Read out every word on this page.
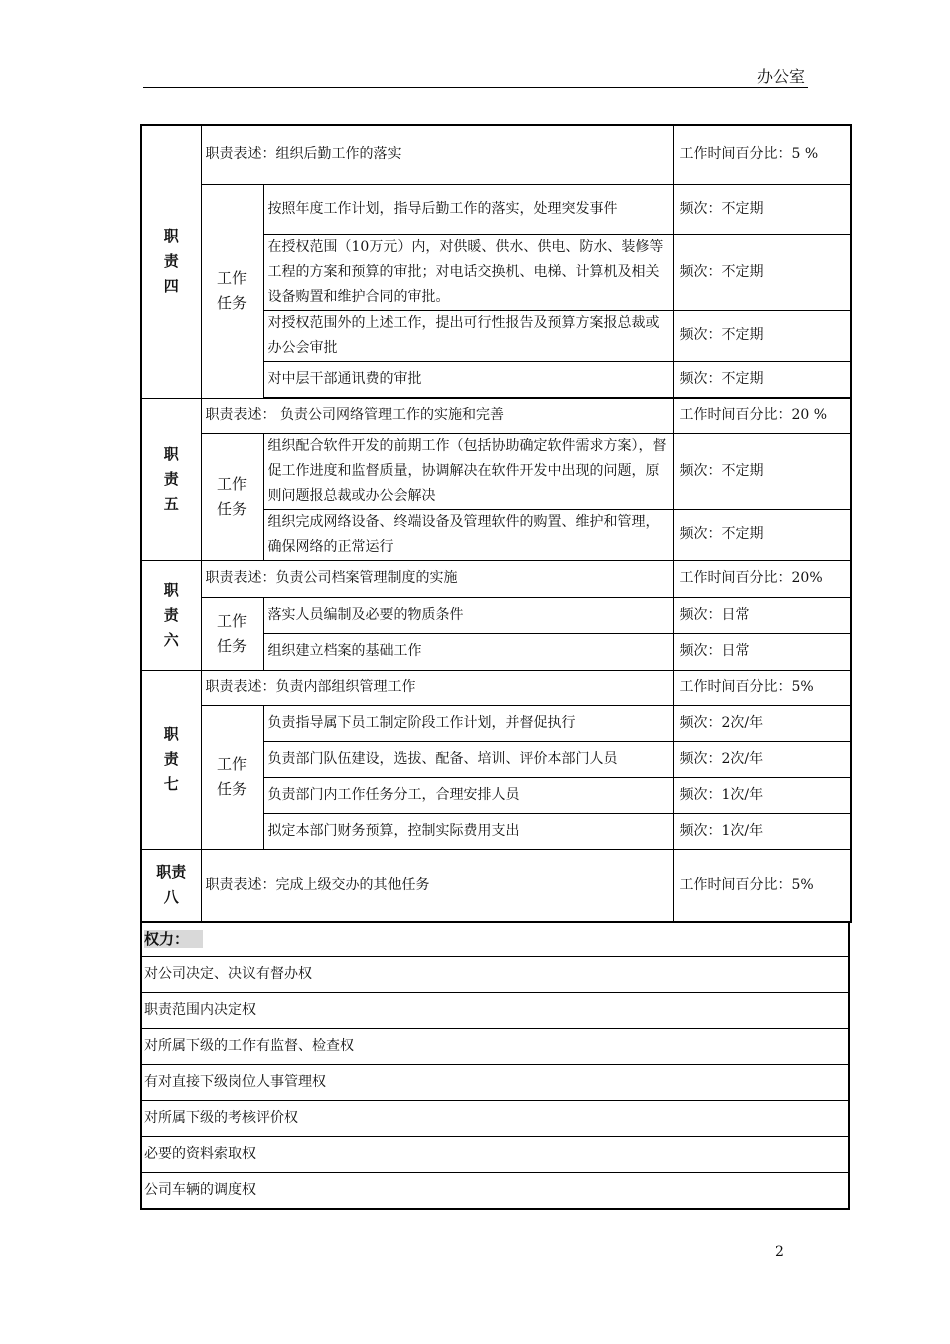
办公室
职
责
四	职责表述：组织后勤工作的落实		工作时间百分比：5 %
	工作
任务	按照年度工作计划，指导后勤工作的落实，处理突发事件	频次：不定期
		在授权范围（10万元）内，对供暖、供水、供电、防水、装修等工程的方案和预算的审批；对电话交换机、电梯、计算机及相关设备购置和维护合同的审批。	频次：不定期
		对授权范围外的上述工作，提出可行性报告及预算方案报总裁或办公会审批	频次：不定期
		对中层干部通讯费的审批	频次：不定期

职
责
五	职责表述： 负责公司网络管理工作的实施和完善		工作时间百分比：20 %
	工作
任务	组织配合软件开发的前期工作（包括协助确定软件需求方案），督促工作进度和监督质量，协调解决在软件开发中出现的问题，原则问题报总裁或办公会解决	频次：不定期
		组织完成网络设备、终端设备及管理软件的购置、维护和管理，确保网络的正常运行	频次：不定期
职
责
六	职责表述：负责公司档案管理制度的实施		工作时间百分比：20%
	工作
任务	落实人员编制及必要的物质条件	频次：日常
		组织建立档案的基础工作	频次：日常
职
责
七	职责表述：负责内部组织管理工作		工作时间百分比：5%
	工作
任务	负责指导属下员工制定阶段工作计划，并督促执行	频次：2次/年
		负责部门队伍建设，选拔、配备、培训、评价本部门人员	频次：2次/年
		负责部门内工作任务分工，合理安排人员	频次：1次/年
		拟定本部门财务预算，控制实际费用支出	频次：1次/年
职责
八	职责表述：完成上级交办的其他任务		工作时间百分比：5%
权力：
对公司决定、决议有督办权
职责范围内决定权
对所属下级的工作有监督、检查权
有对直接下级岗位人事管理权
对所属下级的考核评价权
必要的资料索取权
公司车辆的调度权
2
